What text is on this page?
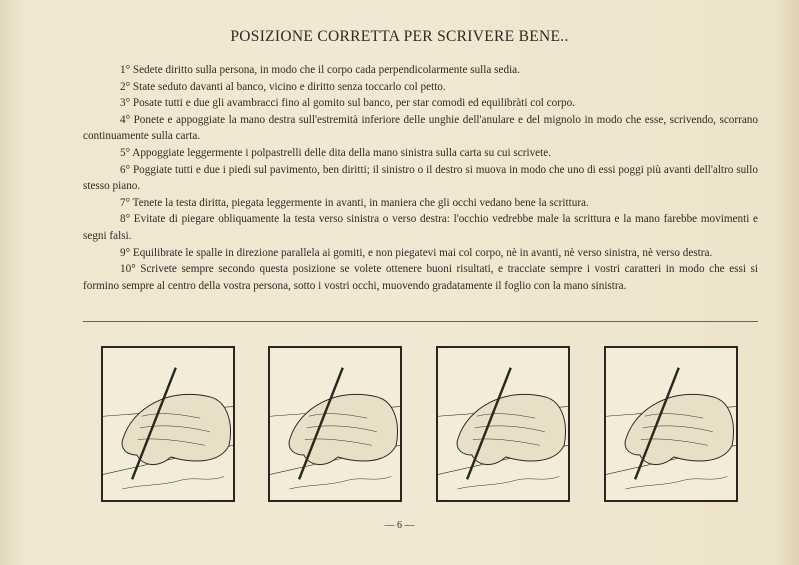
POSIZIONE CORRETTA PER SCRIVERE BENE..

1° Sedete diritto sulla persona, in modo che il corpo cada perpendicolarmente sulla sedia.

2° State seduto davanti al banco, vicino e diritto senza toccarlo col petto.

3° Posate tutti e due gli avambracci fino al gomito sul banco, per star comodi ed equilibràti col corpo.

4° Ponete e appoggiate la mano destra sull'estremità inferiore delle unghie dell'anulare e del mignolo in modo che esse, scrivendo, scorrano continuamente sulla carta.

5° Appoggiate leggermente i polpastrelli delle dita della mano sinistra sulla carta su cui scrivete.

6° Poggiate tutti e due i piedi sul pavimento, ben diritti; il sinistro o il destro si muova in modo che uno di essi poggi più avanti dell'altro sullo stesso piano.

7° Tenete la testa diritta, piegata leggermente in avanti, in maniera che gli occhi vedano bene la scrittura.

8° Evitate di piegare obliquamente la testa verso sinistra o verso destra: l'occhio vedrebbe male la scrittura e la mano farebbe movimenti e segni falsi.

9° Equilibrate le spalle in direzione parallela ai gomiti, e non piegatevi mai col corpo, nè in avanti, nè verso sinistra, nè verso destra.

10° Scrivete sempre secondo questa posizione se volete ottenere buoni risultati, e tracciate sempre i vostri caratteri in modo che essi si formino sempre al centro della vostra persona, sotto i vostri occhi, muovendo gradatamente il foglio con la mano sinistra.

— 6 —
